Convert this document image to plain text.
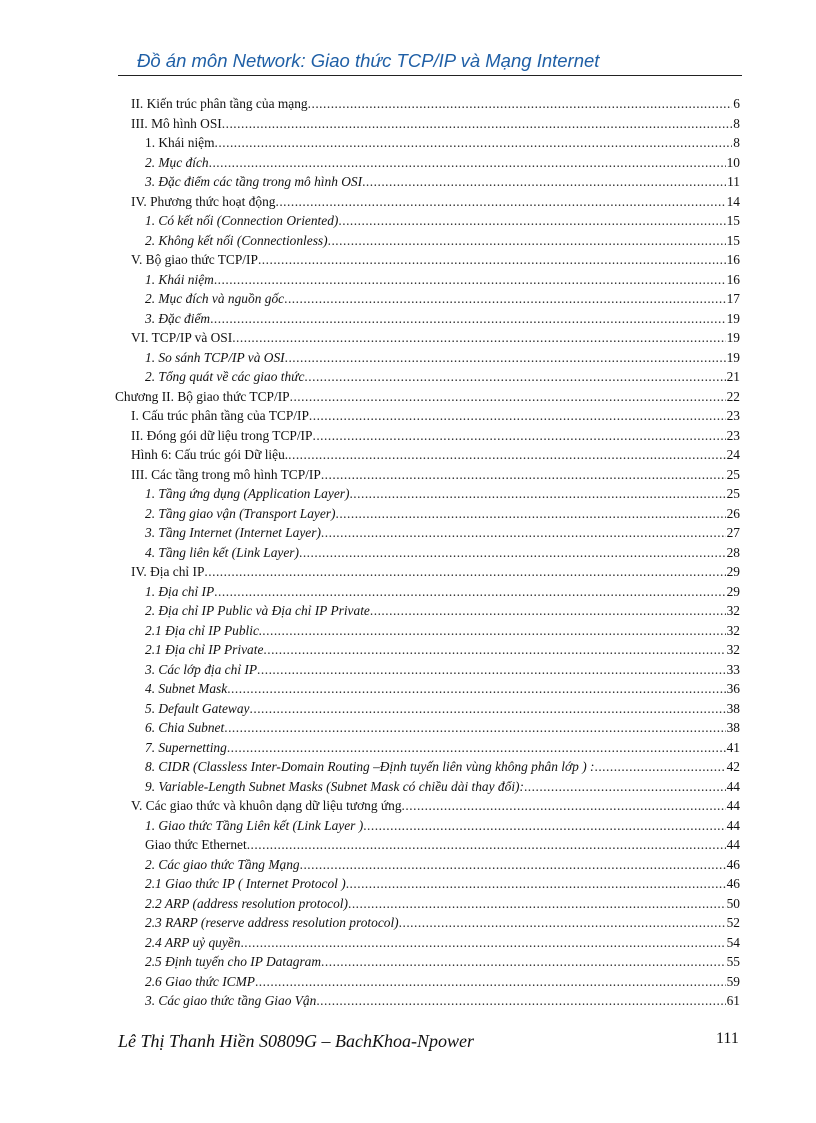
Đồ án môn Network: Giao thức TCP/IP và Mạng Internet
II. Kiến trúc phân tầng của mạng .....	6
III. Mô hình OSI .....	8
1. Khái niệm .....	8
2. Mục đích .....	10
3. Đặc điểm các tầng trong mô hình OSI .....	11
IV. Phương thức hoạt động .....	14
1. Có kết nối (Connection Oriented) .....	15
2. Không kết nối (Connectionless) .....	15
V. Bộ giao thức TCP/IP .....	16
1. Khái niệm .....	16
2. Mục đích và nguồn gốc .....	17
3. Đặc điểm .....	19
VI. TCP/IP và OSI .....	19
1. So sánh TCP/IP và OSI .....	19
2. Tổng quát về các giao thức .....	21
Chương II. Bộ giao thức TCP/IP .....	22
I. Cấu trúc phân tầng của TCP/IP .....	23
II. Đóng gói dữ liệu trong TCP/IP .....	23
Hình 6: Cấu trúc gói Dữ liệu. .....	24
III. Các tầng trong mô hình TCP/IP .....	25
1. Tầng ứng dụng (Application Layer) .....	25
2. Tầng giao vận (Transport Layer) .....	26
3. Tầng Internet (Internet Layer) .....	27
4. Tầng liên kết (Link Layer) .....	28
IV. Địa chỉ IP .....	29
1. Địa chỉ IP .....	29
2. Địa chỉ IP Public và Địa chỉ IP Private .....	32
2.1 Địa chỉ IP Public. .....	32
2.1 Địa chỉ IP Private .....	32
3. Các lớp địa chỉ IP .....	33
4. Subnet Mask .....	36
5. Default Gateway .....	38
6. Chia Subnet .....	38
7. Supernetting .....	41
8. CIDR (Classless Inter-Domain Routing –Định tuyến liên vùng không phân lớp ) : .....	42
9. Variable-Length Subnet Masks (Subnet Mask có chiều dài thay đổi): .....	44
V. Các giao thức và khuôn dạng dữ liệu tương ứng .....	44
1. Giao thức Tầng Liên kết (Link Layer ) .....	44
Giao thức Ethernet .....	44
2. Các giao thức Tầng Mạng .....	46
2.1 Giao thức IP ( Internet Protocol ) .....	46
2.2 ARP (address resolution protocol) .....	50
2.3 RARP (reserve address resolution protocol) .....	52
2.4 ARP uỷ quyền .....	54
2.5 Định tuyến cho IP Datagram .....	55
2.6 Giao thức ICMP .....	59
3. Các giao thức tầng Giao Vận .....	61
Lê Thị Thanh Hiền S0809G – BachKhoa-Npower	111
